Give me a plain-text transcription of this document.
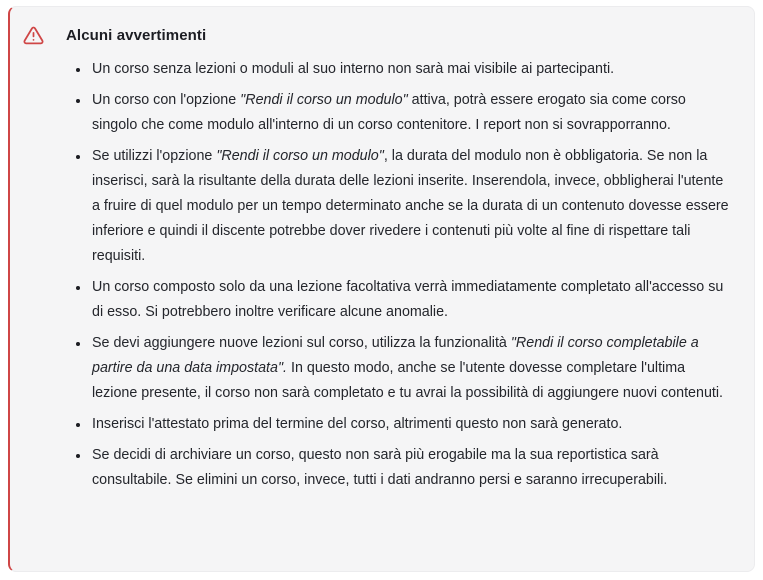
Alcuni avvertimenti
• Un corso senza lezioni o moduli al suo interno non sarà mai visibile ai partecipanti.
• Un corso con l'opzione "Rendi il corso un modulo" attiva, potrà essere erogato sia come corso singolo che come modulo all'interno di un corso contenitore. I report non si sovrapporranno.
• Se utilizzi l'opzione "Rendi il corso un modulo", la durata del modulo non è obbligatoria. Se non la inserisci, sarà la risultante della durata delle lezioni inserite. Inserendola, invece, obbligherai l'utente a fruire di quel modulo per un tempo determinato anche se la durata di un contenuto dovesse essere inferiore e quindi il discente potrebbe dover rivedere i contenuti più volte al fine di rispettare tali requisiti.
• Un corso composto solo da una lezione facoltativa verrà immediatamente completato all'accesso su di esso. Si potrebbero inoltre verificare alcune anomalie.
• Se devi aggiungere nuove lezioni sul corso, utilizza la funzionalità "Rendi il corso completabile a partire da una data impostata". In questo modo, anche se l'utente dovesse completare l'ultima lezione presente, il corso non sarà completato e tu avrai la possibilità di aggiungere nuovi contenuti.
• Inserisci l'attestato prima del termine del corso, altrimenti questo non sarà generato.
• Se decidi di archiviare un corso, questo non sarà più erogabile ma la sua reportistica sarà consultabile. Se elimini un corso, invece, tutti i dati andranno persi e saranno irrecuperabili.
